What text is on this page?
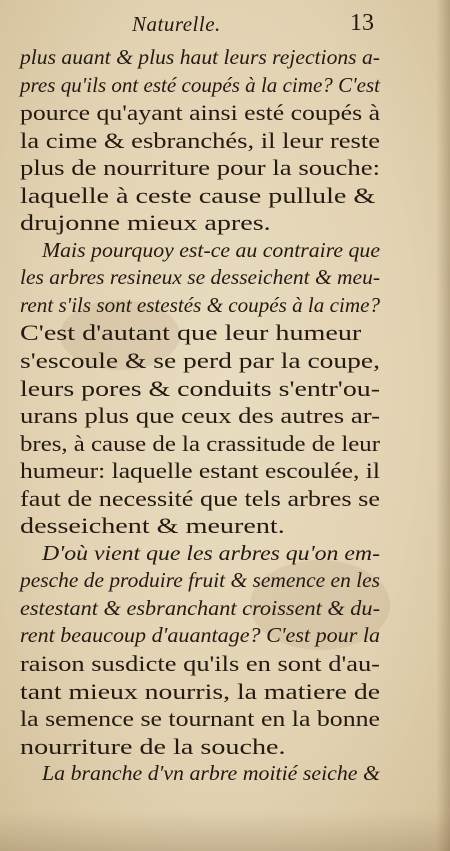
Naturelle.	13
plus auant & plus haut leurs rejections a-
pres qu'ils ont esté coupés à la cime? C'est
pource qu'ayant ainsi esté coupés à
la cime & esbranchés, il leur reste
plus de nourriture pour la souche:
laquelle à ceste cause pullule &
drujonne mieux apres.
Mais pourquoy est-ce au contraire que
les arbres resineux se desseichent & meu-
rent s'ils sont estestés & coupés à la cime?
C'est d'autant que leur humeur
s'escoule & se perd par la coupe,
leurs pores & conduits s'entr'ou-
urans plus que ceux des autres ar-
bres, à cause de la crassitude de leur
humeur: laquelle estant escoulée, il
faut de necessité que tels arbres se
desseichent & meurent.
D'où vient que les arbres qu'on em-
pesche de produire fruit & semence en les
estestant & esbranchant croissent & du-
rent beaucoup d'auantage? C'est pour la
raison susdicte qu'ils en sont d'au-
tant mieux nourris, la matiere de
la semence se tournant en la bonne
nourriture de la souche.
La branche d'vn arbre moitié seiche &
